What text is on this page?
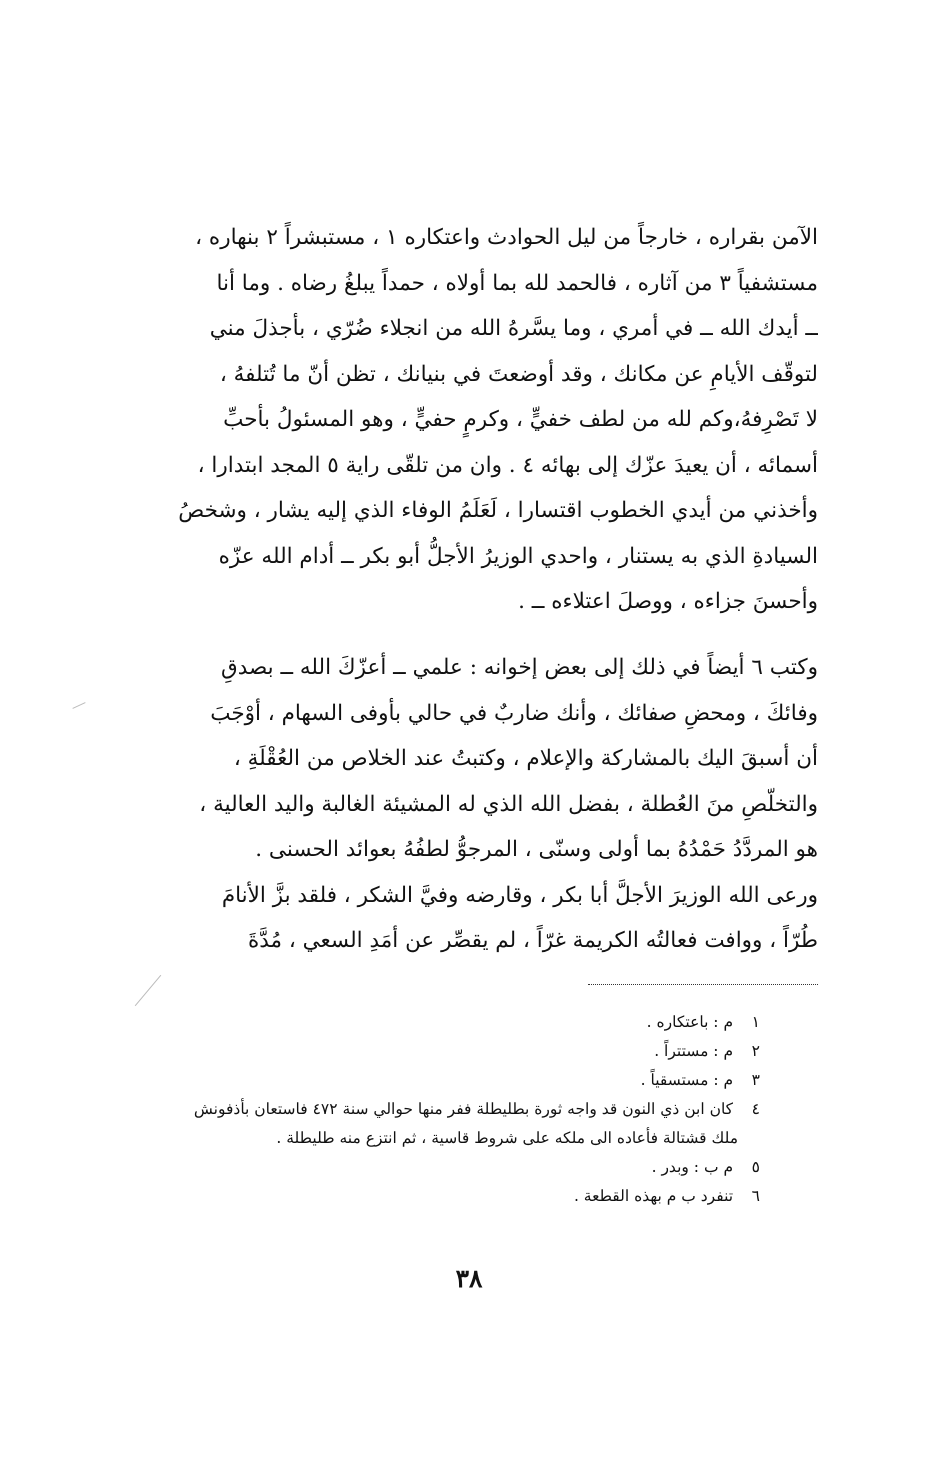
الآمن بقراره ، خارجاً من ليل الحوادث واعتكاره ١ ، مستبشراً ٢ بنهاره ،
مستشفياً ٣ من آثاره ، فالحمد لله بما أولاه ، حمداً يبلغُ رضاه . وما أنا
ــ أيدك الله ــ في أمري ، وما يسَّرهُ الله من انجلاء ضُرّي ، بأجذلَ مني
لتوقّف الأيامِ عن مكانك ، وقد أوضعتَ في بنيانك ، تظن أنّ ما تُتلفهُ ،
لا تَصْرِفهُ،وكم لله من لطف خفيٍّ ، وكرمٍ حفيٍّ ، وهو المسئولُ بأحبِّ
أسمائه ، أن يعيدَ عزّك إلى بهائه ٤ . وان من تلقّى راية ٥ المجد ابتدارا ،
وأخذني من أيدي الخطوب اقتسارا ، لَعَلَمُ الوفاء الذي إليه يشار ، وشخصُ
السيادةِ الذي به يستنار ، واحدي الوزيرُ الأجلُّ أبو بكر ــ أدام الله عزّه
وأحسنَ جزاءه ، ووصلَ اعتلاءه ــ .
وكتب ٦ أيضاً في ذلك إلى بعض إخوانه : علمي ــ أعزّكَ الله ــ بصدقِ
وفائكَ ، ومحضِ صفائك ، وأنك ضاربٌ في حالي بأوفى السهام ، أوْجَبَ
أن أسبقَ اليك بالمشاركة والإعلام ، وكتبتُ عند الخلاص من العُقْلَةِ ،
والتخلّصِ منَ العُطلة ، بفضل الله الذي له المشيئة الغالبة واليد العالية ،
هو المردَّدُ حَمْدُهُ بما أولى وسنّى ، المرجوُّ لطفُهُ بعوائد الحسنى .
ورعى الله الوزيرَ الأجلَّ أبا بكر ، وقارضه وفيَّ الشكر ، فلقد بزَّ الأنامَ
طُرّاً ، ووافت فعالتُه الكريمة غرّاً ، لم يقصِّر عن أمَدِ السعي ، مُدَّةَ
١ م : باعتكاره .
٢ م : مستتراً .
٣ م : مستسقياً .
٤ كان ابن ذي النون قد واجه ثورة بطليطلة ففر منها حوالي سنة ٤٧٢ فاستعان بأذفونش
ملك قشتالة فأعاده الى ملكه على شروط قاسية ، ثم انتزع منه طليطلة .
٥ م ب : وبدر .
٦ تنفرد ب م بهذه القطعة .
٣٨
